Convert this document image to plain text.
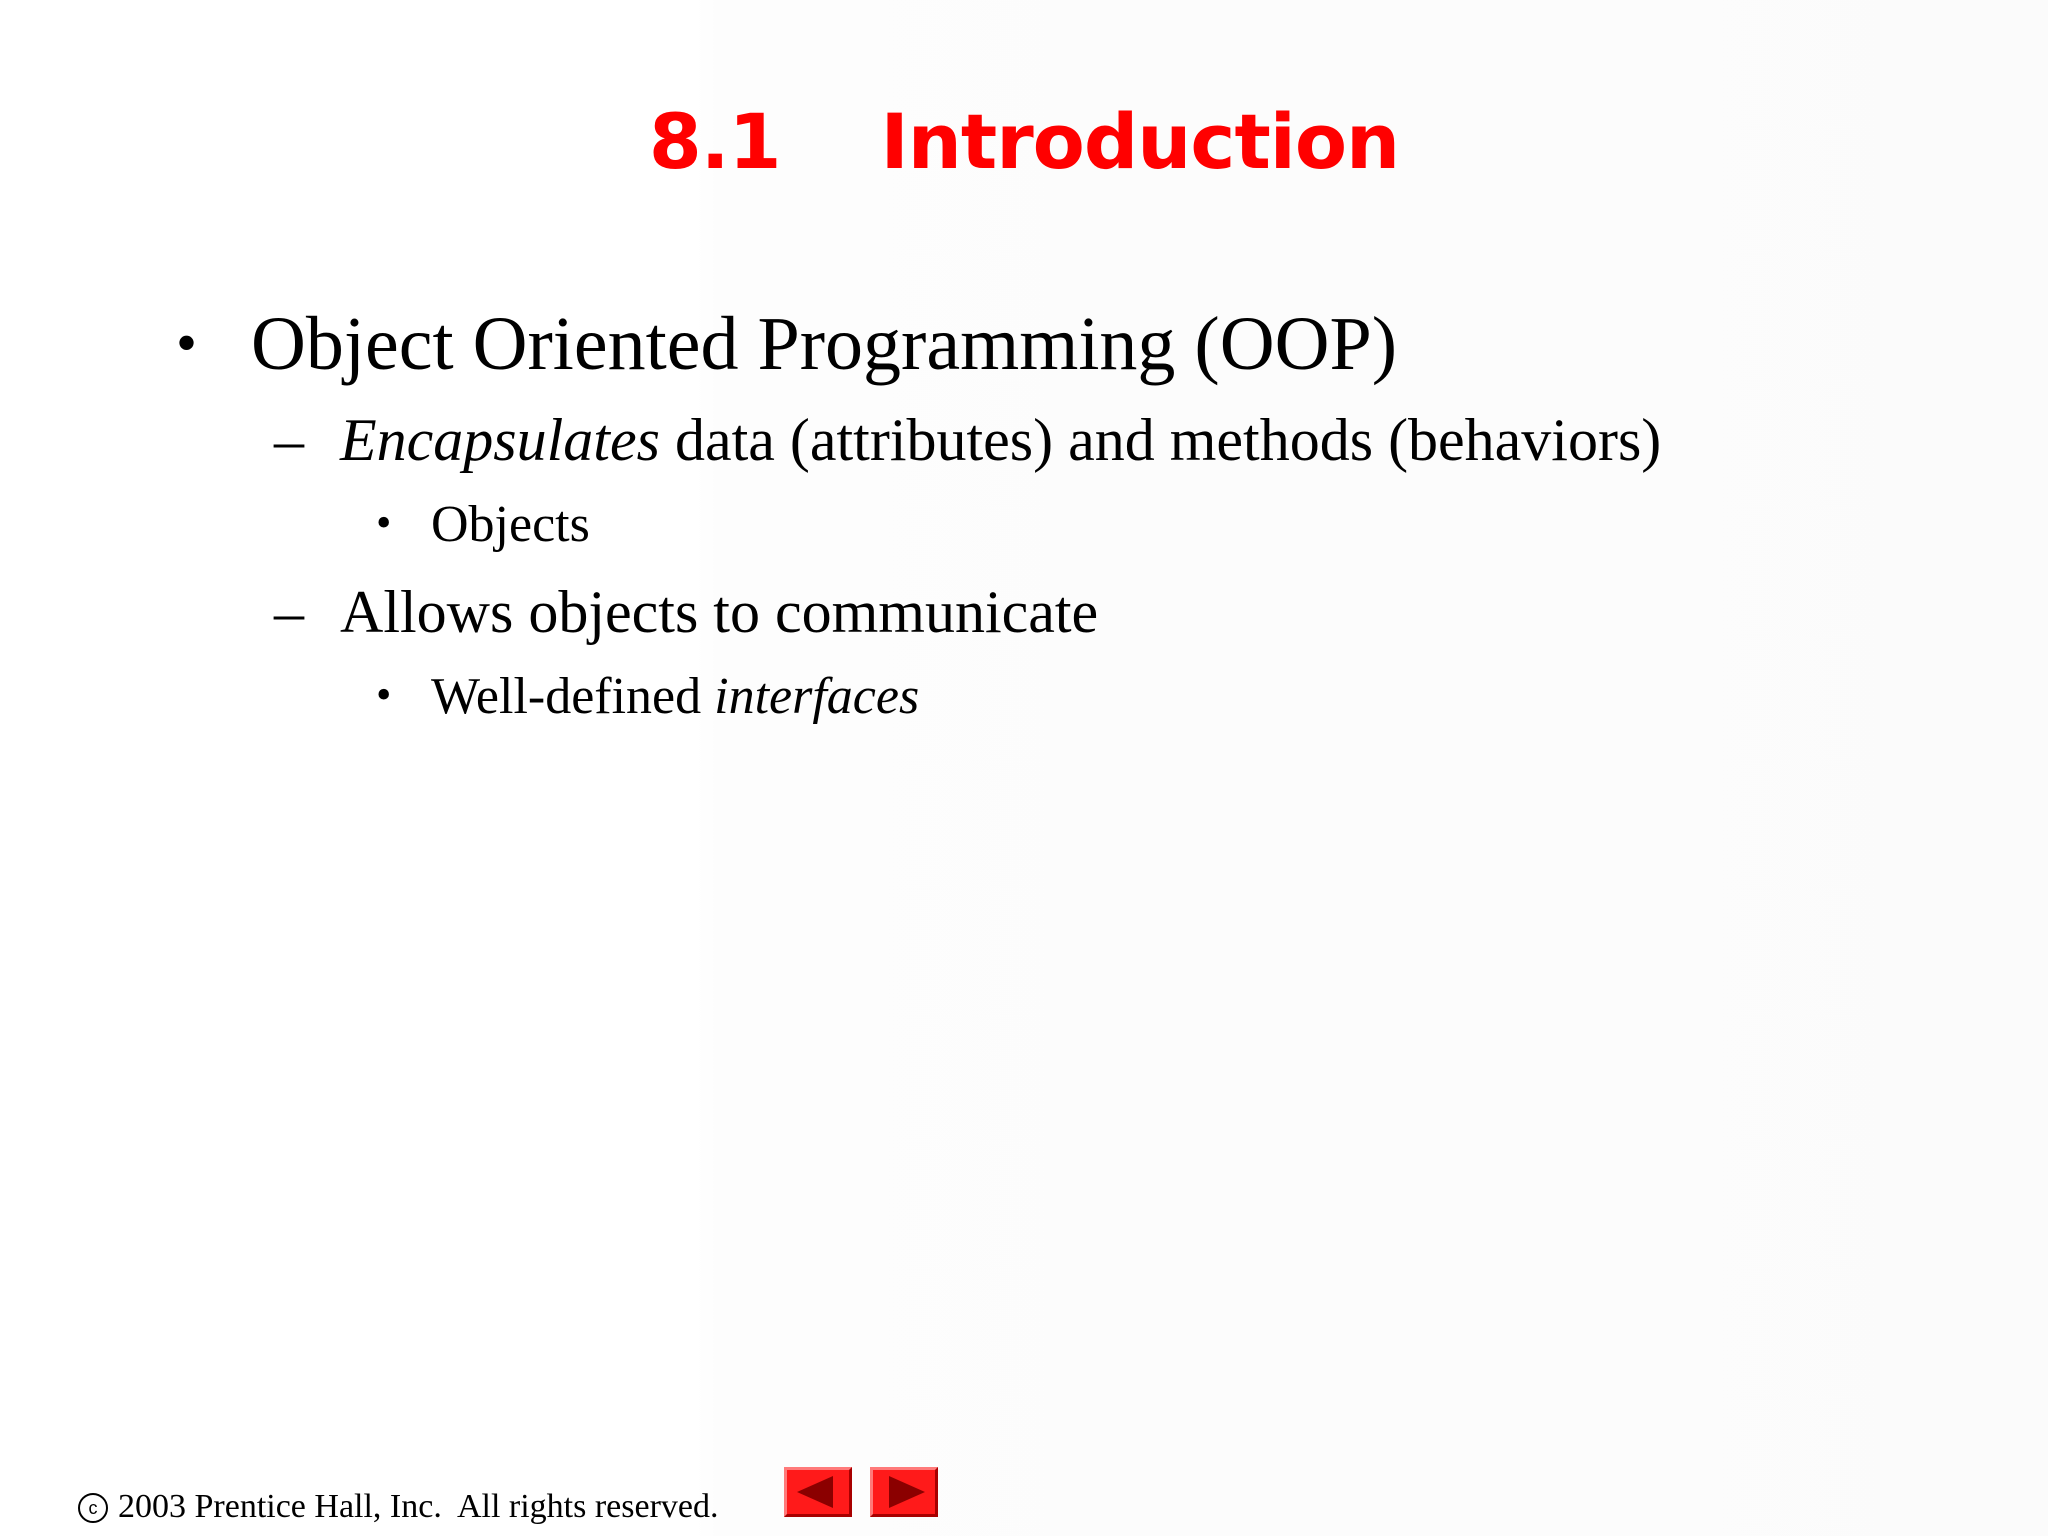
8.1 Introduction
• Object Oriented Programming (OOP)
– Encapsulates data (attributes) and methods (behaviors)
• Objects
– Allows objects to communicate
• Well-defined interfaces
c 2003 Prentice Hall, Inc.  All rights reserved.
